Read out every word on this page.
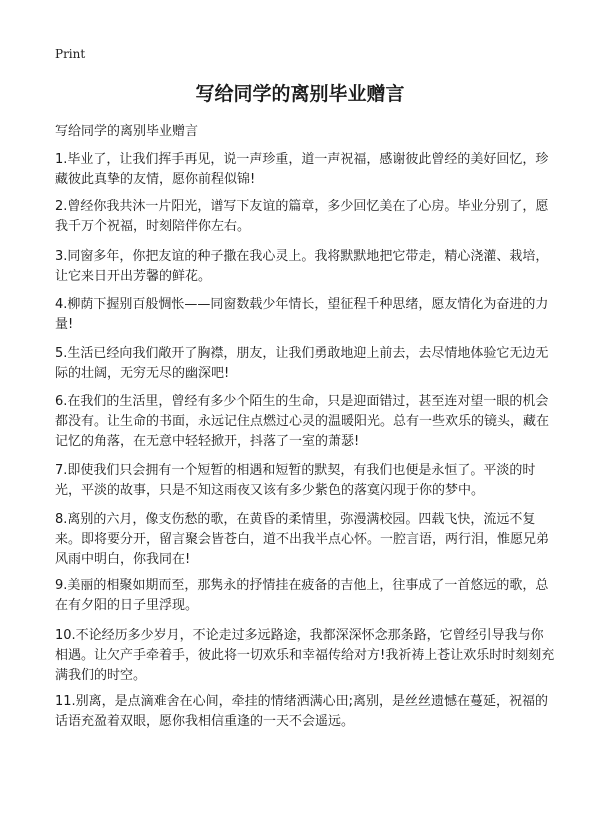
Print
写给同学的离别毕业赠言
写给同学的离别毕业赠言

1.毕业了，让我们挥手再见，说一声珍重，道一声祝福，感谢彼此曾经的美好回忆，珍藏彼此真挚的友情，愿你前程似锦!

2.曾经你我共沐一片阳光，谱写下友谊的篇章，多少回忆美在了心房。毕业分别了，愿我千万个祝福，时刻陪伴你左右。

3.同窗多年，你把友谊的种子撒在我心灵上。我将默默地把它带走，精心浇灌、栽培，让它来日开出芳馨的鲜花。

4.柳荫下握别百般惆怅——同窗数载少年情长，望征程千种思绪，愿友情化为奋进的力量!

5.生活已经向我们敞开了胸襟，朋友，让我们勇敢地迎上前去，去尽情地体验它无边无际的壮阔，无穷无尽的幽深吧!

6.在我们的生活里，曾经有多少个陌生的生命，只是迎面错过，甚至连对望一眼的机会都没有。让生命的书面，永远记住点燃过心灵的温暖阳光。总有一些欢乐的镜头，藏在记忆的角落，在无意中轻轻掀开，抖落了一室的萧瑟!

7.即使我们只会拥有一个短暂的相遇和短暂的默契，有我们也便是永恒了。平淡的时光，平淡的故事，只是不知这雨夜又该有多少紫色的落寞闪现于你的梦中。

8.离别的六月，像支伤愁的歌，在黄昏的柔情里，弥漫满校园。四载飞快，流远不复来。即将要分开，留言聚会皆苍白，道不出我半点心怀。一腔言语，两行泪，惟愿兄弟风雨中明白，你我同在!

9.美丽的相聚如期而至，那隽永的抒情挂在疲备的吉他上，往事成了一首悠远的歌，总在有夕阳的日子里浮现。

10.不论经历多少岁月，不论走过多远路途，我都深深怀念那条路，它曾经引导我与你相遇。让欠产手牵着手，彼此将一切欢乐和幸福传给对方!我祈祷上苍让欢乐时时刻刻充满我们的时空。

11.别离，是点滴难舍在心间，牵挂的情绪洒满心田;离别，是丝丝遗憾在蔓延，祝福的话语充盈着双眼，愿你我相信重逢的一天不会遥远。
